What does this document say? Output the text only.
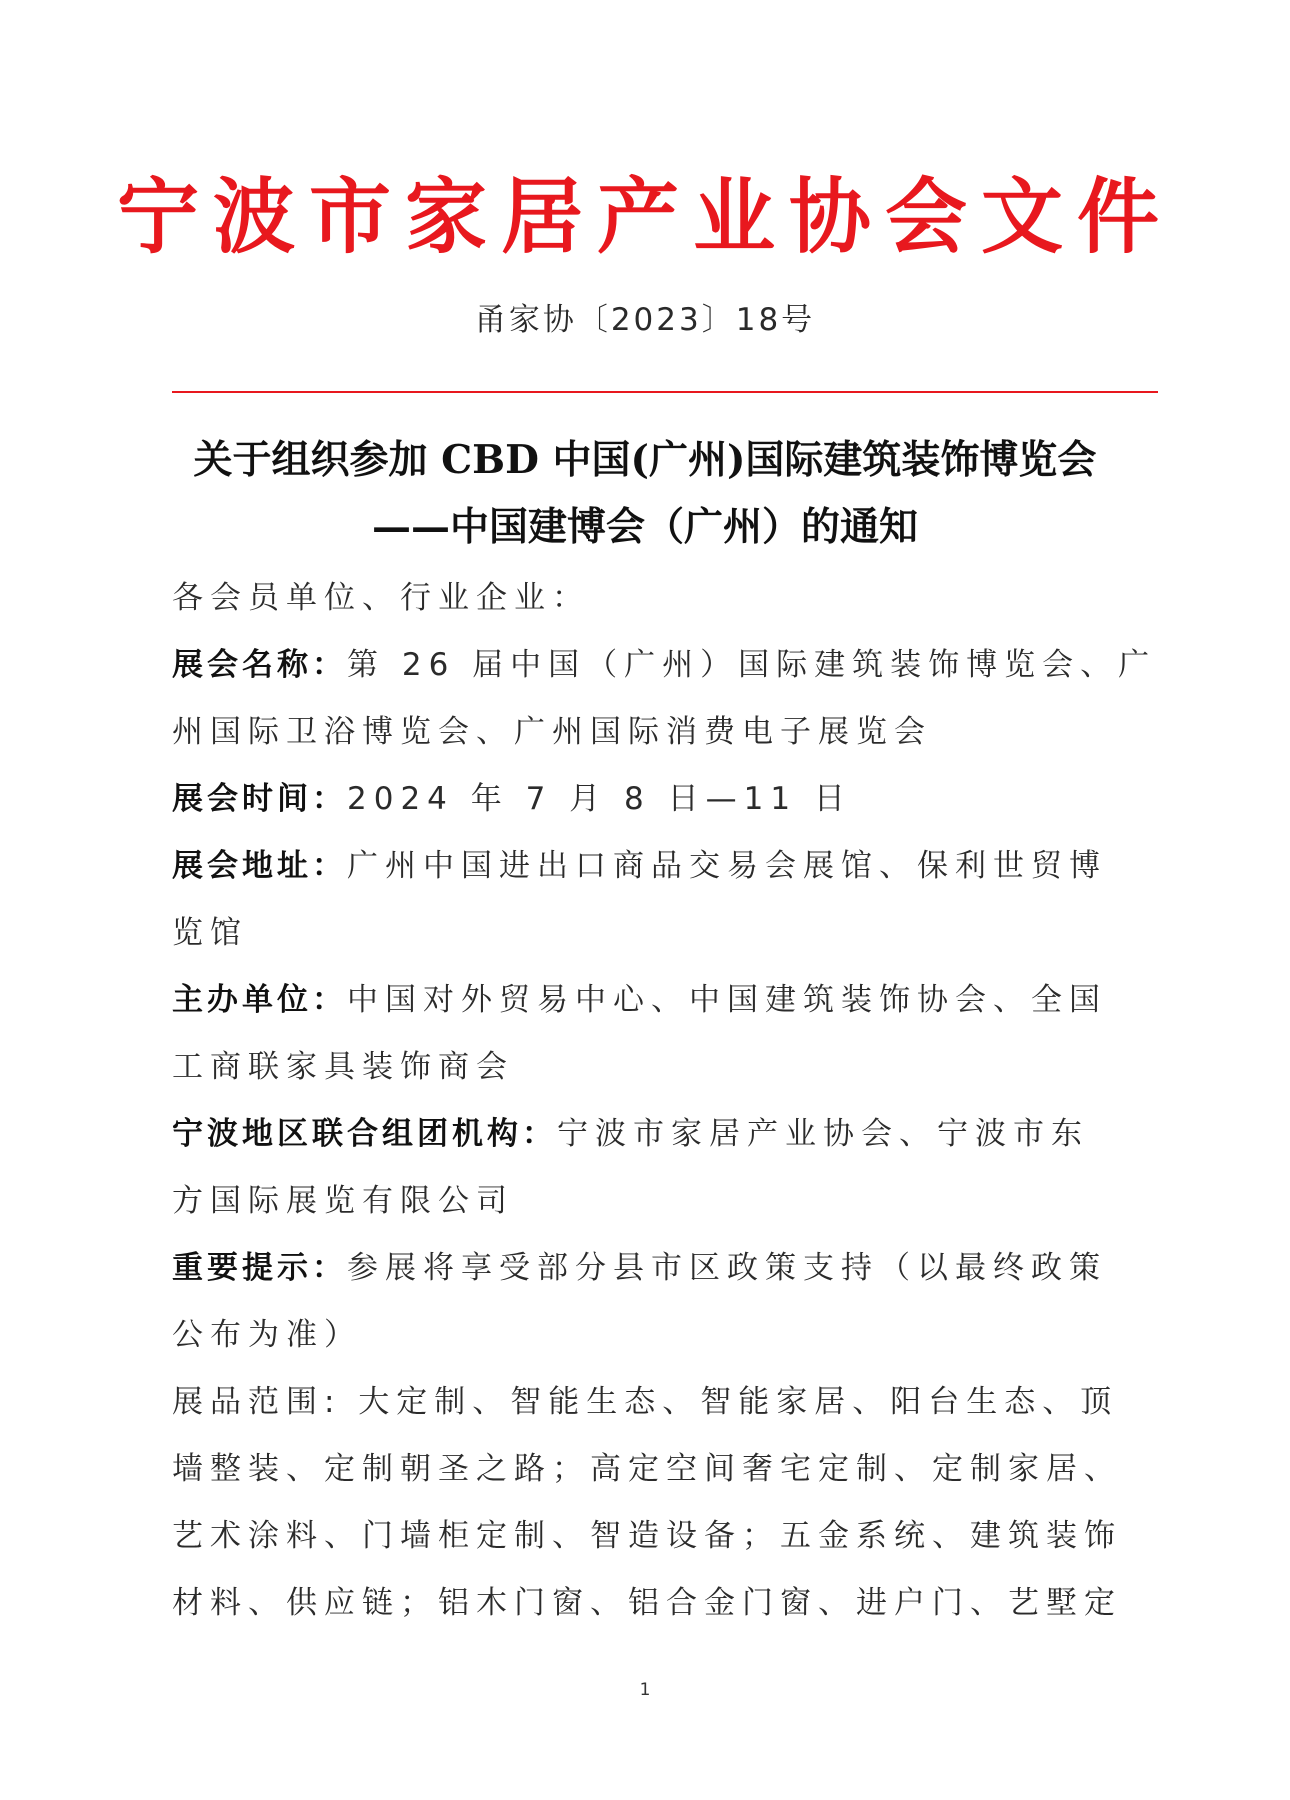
宁波市家居产业协会文件
甬家协〔2023〕18号
关于组织参加 CBD 中国(广州)国际建筑装饰博览会
——中国建博会（广州）的通知
各会员单位、行业企业：
展会名称：第 26 届中国（广州）国际建筑装饰博览会、广
州国际卫浴博览会、广州国际消费电子展览会
展会时间：2024 年 7 月 8 日—11 日
展会地址：广州中国进出口商品交易会展馆、保利世贸博
览馆
主办单位：中国对外贸易中心、中国建筑装饰协会、全国
工商联家具装饰商会
宁波地区联合组团机构：宁波市家居产业协会、宁波市东
方国际展览有限公司
重要提示：参展将享受部分县市区政策支持（以最终政策
公布为准）
展品范围: 大定制、智能生态、智能家居、阳台生态、顶
墙整装、定制朝圣之路；高定空间奢宅定制、定制家居、
艺术涂料、门墙柜定制、智造设备；五金系统、建筑装饰
材料、供应链；铝木门窗、铝合金门窗、进户门、艺墅定
1
